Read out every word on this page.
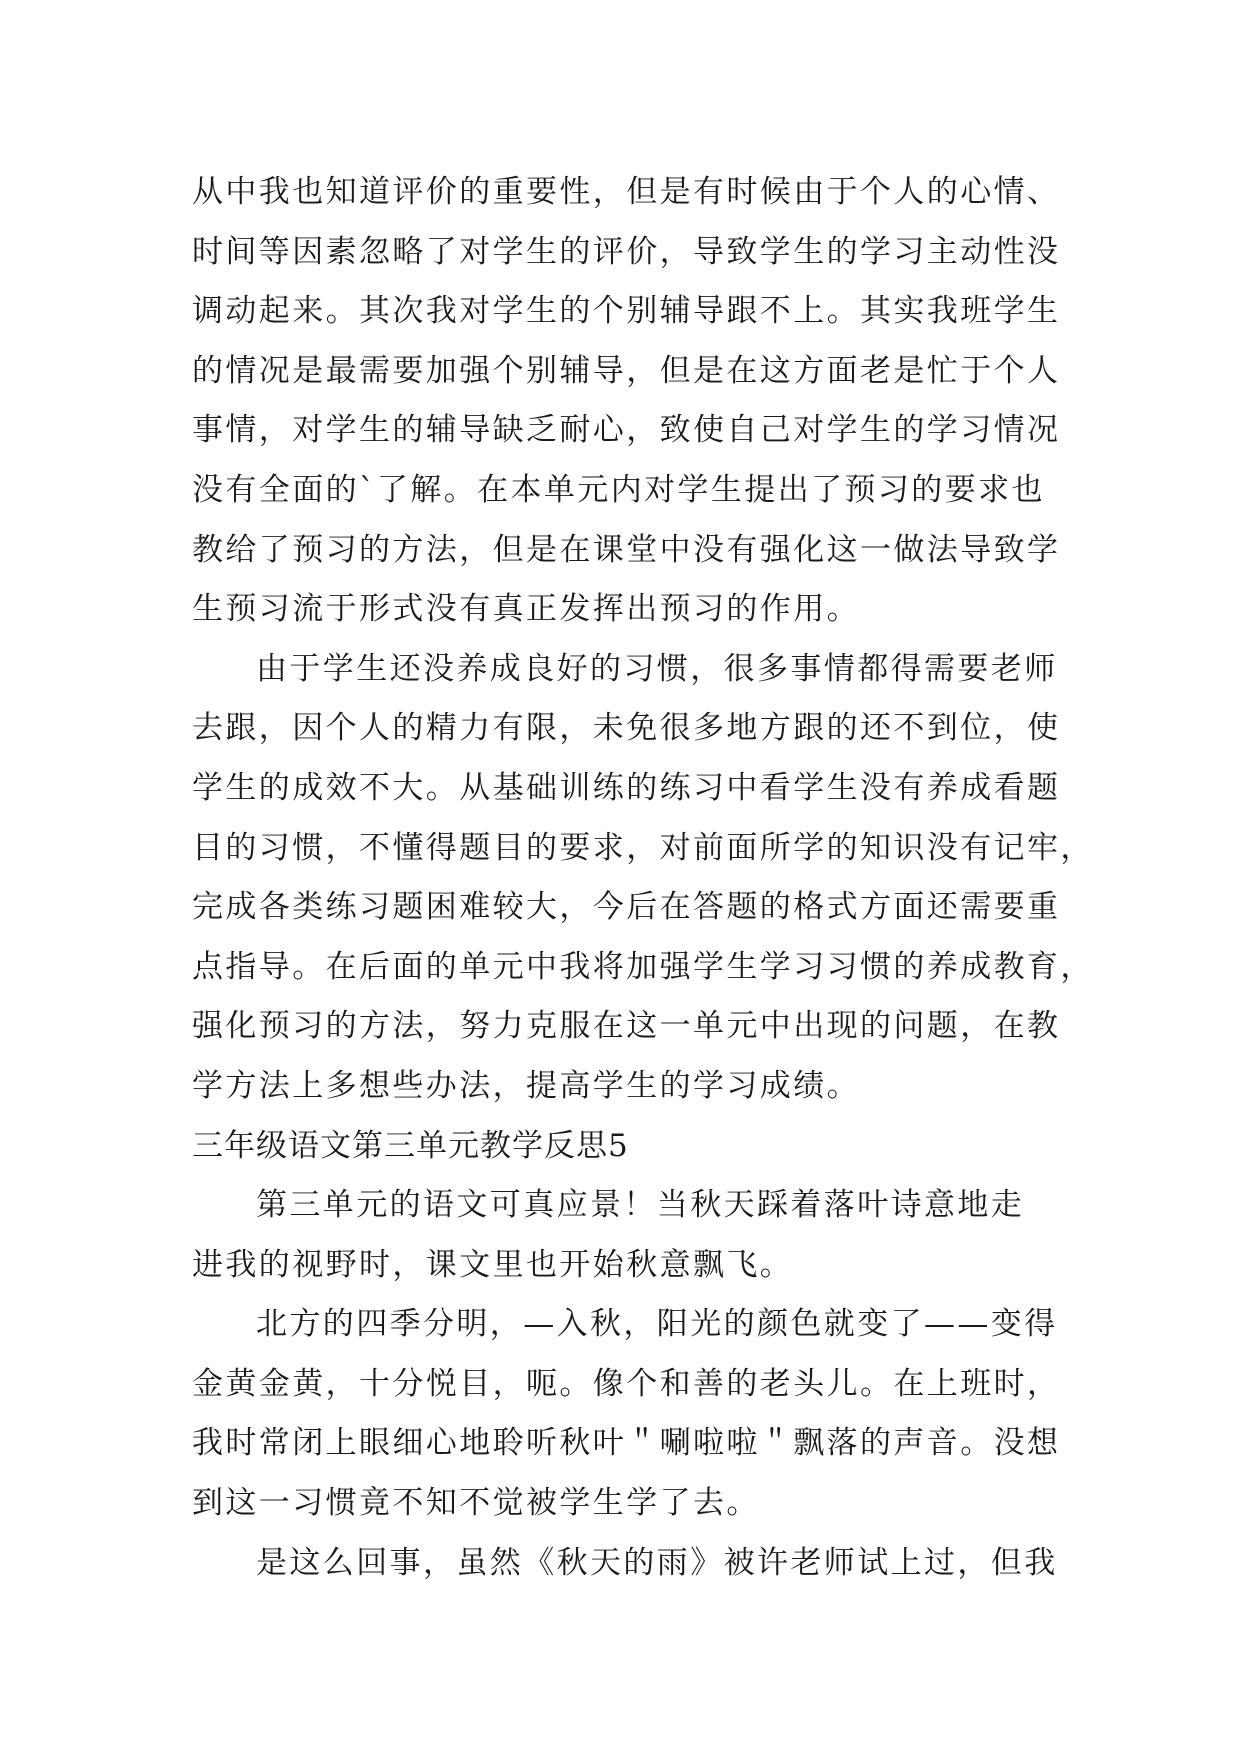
从中我也知道评价的重要性，但是有时候由于个人的心情、
时间等因素忽略了对学生的评价，导致学生的学习主动性没
调动起来。其次我对学生的个别辅导跟不上。其实我班学生
的情况是最需要加强个别辅导，但是在这方面老是忙于个人
事情，对学生的辅导缺乏耐心，致使自己对学生的学习情况
没有全面的`了解。在本单元内对学生提出了预习的要求也
教给了预习的方法，但是在课堂中没有强化这一做法导致学
生预习流于形式没有真正发挥出预习的作用。
由于学生还没养成良好的习惯，很多事情都得需要老师
去跟，因个人的精力有限，未免很多地方跟的还不到位，使
学生的成效不大。从基础训练的练习中看学生没有养成看题
目的习惯，不懂得题目的要求，对前面所学的知识没有记牢，
完成各类练习题困难较大，今后在答题的格式方面还需要重
点指导。在后面的单元中我将加强学生学习习惯的养成教育，
强化预习的方法，努力克服在这一单元中出现的问题，在教
学方法上多想些办法，提高学生的学习成绩。
三年级语文第三单元教学反思5
第三单元的语文可真应景！当秋天踩着落叶诗意地走
进我的视野时，课文里也开始秋意飘飞。
北方的四季分明，—入秋，阳光的颜色就变了——变得
金黄金黄，十分悦目，呃。像个和善的老头儿。在上班时，
我时常闭上眼细心地聆听秋叶＂唰啦啦＂飘落的声音。没想
到这一习惯竟不知不觉被学生学了去。
是这么回事，虽然《秋天的雨》被许老师试上过，但我
